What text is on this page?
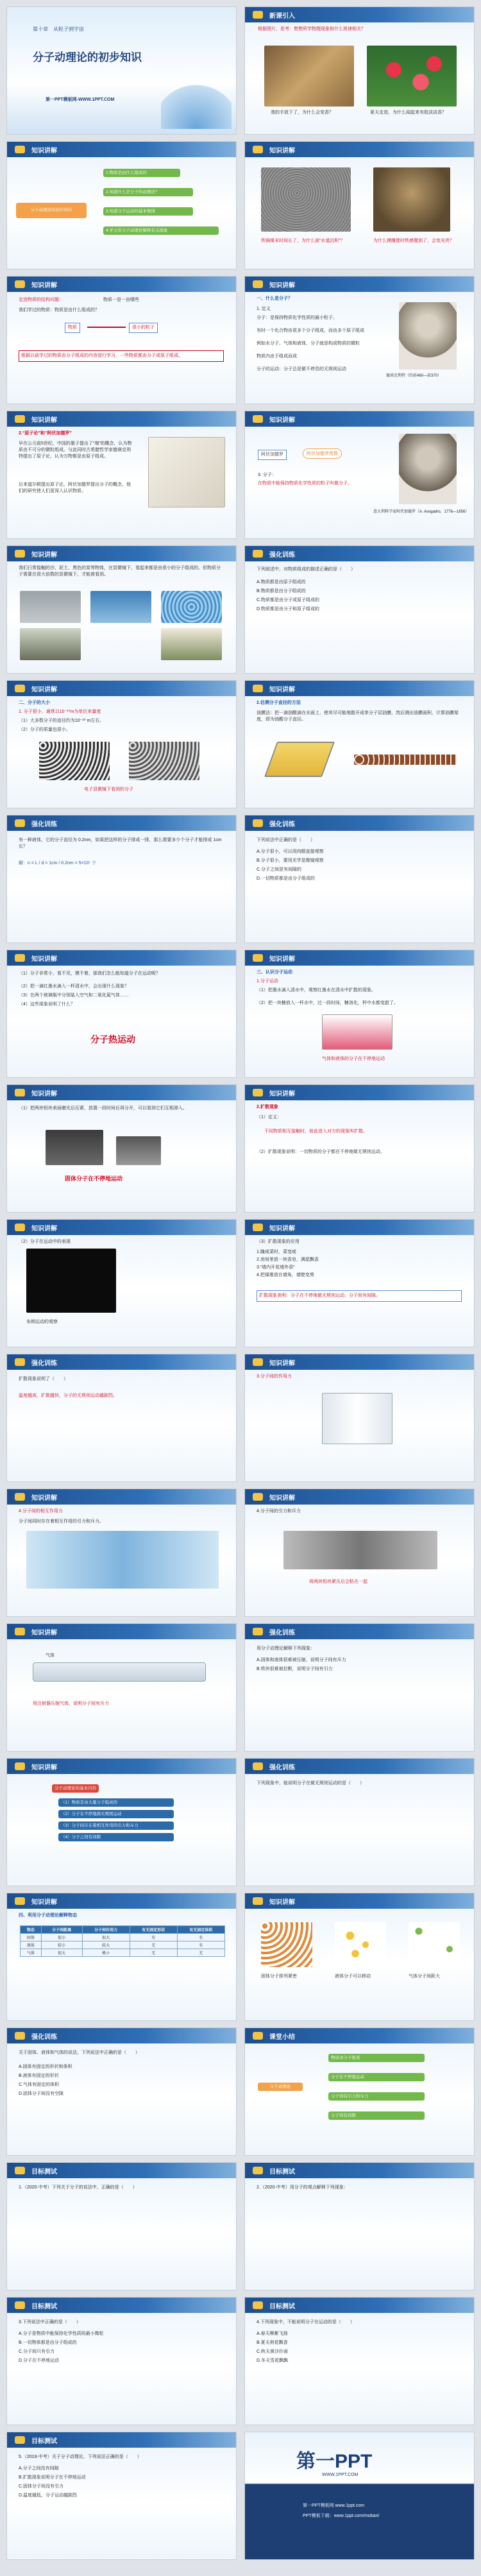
第十章　从粒子到宇宙
分子动理论的初步知识
第一PPT模板网-WWW.1PPT.COM
新课引入
根据图片，思考：想想所学物理现象和什么规律相关？
我的手放下了，为什么会变香？	夏天走进，为什么闻起来有股淡淡香？
知识讲解
分子动理论的初步知识
1.物质是由什么组成的
2.知道什么是分子的动理论？
3.知道分子运动的基本规律
4.学会用分子动理论解释有关现象
知识讲解
铁锅煤末时间长了，为什么面“水道沉积”？	为什么摸雕像时铁感覺到了，会变光亮？
知识讲解
走进物质的结构问题：	物质一是一由哪些
我们学过的物质：物质是由什么组成的？
物质	很小的粒子
根据以前学过的物质由分子组成的内容进行学习，一些物质都由分子或原子组成。
知识讲解
一、什么是分子？
1. 定义
分子：是保持物质化学性质的最小粒子。
有时一个化合物由很多个分子组成，而由多个原子组成
例如水分子、气体和液体，分子就是构成物质的微粒
物质内由于组成而成
分子的运动：分子总是做不停息的无规则运动
德谟克利特（约前460—前370）
知识讲解
2.“原子论”和“阿伏加德罗”
早在公元前5世纪，中国的墨子提出了“端”的概念，认为物质由不可分的微粒组成。与此同时古希腊哲学家德谟克利特提出了原子论，认为万物都是由原子组成。
后来道尔顿提出原子论，阿伏加德罗提出分子的概念，他们的研究使人们更深入认识物质。
知识讲解
阿伏加德罗	阿伏加德罗常数
3. 分子：
在物质中能保持物质化学性质的粒子叫做分子。
意大利科学家阿伏加德罗（A. Avogadro，1776—1856）
知识讲解
我们日常接触的沙、泥土、黑色的炭等物体，在显微镜下，看起来都是由很小的分子组成的。但物质分子需要在很大倍数的显微镜下，才能被看到。
强化训练
下列叙述中，对物质组成的描述正确的是（　　）
A.物质都是由原子组成的
B.物质都是由分子组成的
C.物质都是由分子或原子组成的
D.物质都是由分子和原子组成的
知识讲解
二、分子的大小
1. 分子很小，通常以10⁻¹⁰m为单位来量度
（1）大多数分子的直径约为10⁻¹⁰ m左右。
（2）分子的质量也很小。
电子显微镜下看到的分子
知识讲解
2.估测分子直径的方法
油膜法：把一滴油酸滴在水面上，使其尽可能地散开成单分子层油膜，然后测出油膜面积，计算油膜厚度，即为油酸分子直径。
强化训练
有一种液体，它的分子直径为 0.2nm，如果把这样的分子排成一排，那么需要多少个分子才能排成 1cm 长？
解：n = L / d = 1cm / 0.2nm = 5×10⁷ 个
强化训练
下列说法中正确的是（　　）
A.分子很小，可以用肉眼直接观察
B.分子很小，要用光学显微镜观察
C.分子之间是有间隙的
D.一切物质都是由分子组成的
知识讲解
（1）分子非常小，看不见，摸不着，那我们怎么能知道分子在运动呢？
（2）把一滴红墨水滴入一杯清水中，会出现什么现象？
（3）在两个玻璃瓶中分别装入空气和二氧化氮气体……
（4）这些现象说明了什么？
分子热运动
知识讲解
三、认识分子运动
1.分子运动
（1）把墨水滴入清水中，观察红墨水在清水中扩散的现象。
（2）把一块糖放入一杯水中，过一段时间，糖溶化，杯中水都变甜了。
气体和液体的分子在不停地运动
知识讲解
（1）把两块铅块表面磨光后压紧，放置一段时间后再分开，可以看到它们互相渗入。
固体分子在不停地运动
知识讲解
2.扩散现象
（1）定义：
不同物质相互接触时，彼此进入对方的现象叫扩散。
（2）扩散现象说明：一切物质的分子都在不停地做无规则运动。
知识讲解
（2）分子在运动中的表现
布朗运动的观察
知识讲解
（3）扩散现象的应用
1.腌咸菜时，菜变咸
2.房间里放一块香皂，满屋飘香
3.“墙内开花墙外香”
4.把煤堆放在墙角，墙壁变黑
扩散现象表明：分子在不停地做无规则运动；分子间有间隙。
强化训练
扩散现象说明了（　　）
温度越高，扩散越快，分子的无规则运动越剧烈。
知识讲解
3.分子间的作用力
知识讲解
4.分子间的相互作用力
分子间同时存在着相互作用的引力和斥力。
知识讲解
4.分子间的引力和斥力
将两块铅块紧压后会粘在一起
知识讲解
气体
用注射器压缩气体，说明分子间有斥力
强化训练
用分子动理论解释下列现象：
A.固体和液体很难被压缩，说明分子间有斥力
B.铁块很难被拉断，说明分子间有引力
知识讲解
分子动理论的基本内容
（1）物质是由大量分子组成的
（2）分子在不停地做无规则运动
（3）分子间存在着相互作用的引力和斥力
（4）分子之间有间隙
强化训练
下列现象中，能说明分子在做无规则运动的是（　　）
知识讲解
四、利用分子动理论解释物态
物态	分子间距离	分子间作用力	有无固定形状	有无固定体积
固体	很小	很大	有	有
液体	较小	较大	无	有
气体	很大	极小	无	无
知识讲解
固体分子排列紧密	液体分子可以移动	气体分子间距大
强化训练
关于固体、液体和气体的说法，下列说法中正确的是（　　）
A.固体有固定的形状和体积
B.液体有固定的形状
C.气体有固定的体积
D.固体分子间没有空隙
课堂小结
分子动理论
物质由分子组成
分子在不停地运动
分子间有引力和斥力
分子间有间隙
目标测试
1.（2020·中考）下列关于分子的说法中，正确的是（　　）
目标测试
2.（2020·中考）用分子的观点解释下列现象：
目标测试
3.下列说法中正确的是（　　）
A.分子是物质中能保持化学性质的最小微粒
B.一切物体都是由分子组成的
C.分子间只有引力
D.分子在不停地运动
目标测试
4.下列现象中，不能说明分子在运动的是（　　）
A.春天柳絮飞扬
B.夏天荷花飘香
C.秋天黄沙扑面
D.冬天雪花飘飘
目标测试
5.（2019·中考）关于分子动理论，下列说法正确的是（　　）
A.分子之间没有间隙
B.扩散现象说明分子在不停地运动
C.固体分子间没有引力
D.温度越低，分子运动越剧烈
第一PPT
WWW.1PPT.COM
第一PPT模板网 www.1ppt.com
PPT模板下载：www.1ppt.com/moban/
